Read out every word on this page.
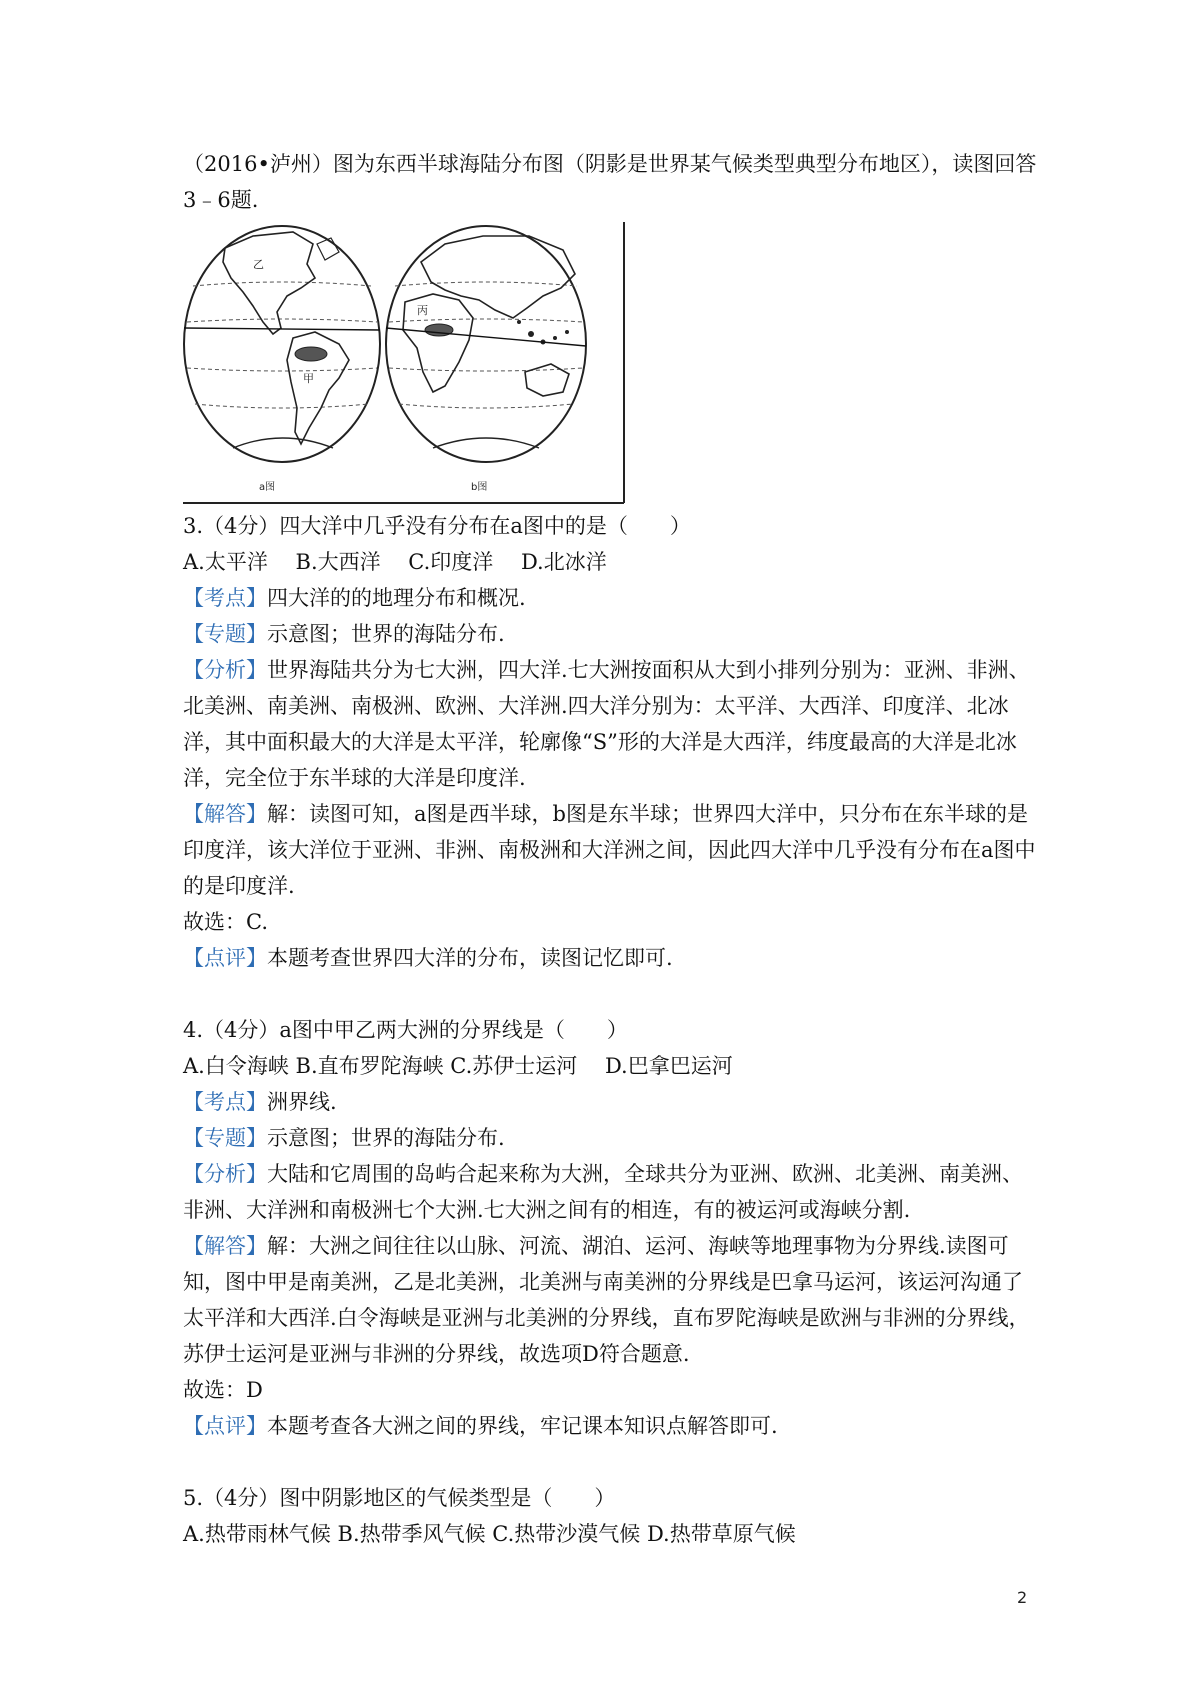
（2016•泸州）图为东西半球海陆分布图（阴影是世界某气候类型典型分布地区），读图回答
3﹣6题.
乙
甲
a图
丙
b图
3.（4分）四大洋中几乎没有分布在a图中的是（　　）
A.太平洋　 B.大西洋　 C.印度洋　 D.北冰洋
【考点】四大洋的的地理分布和概况.
【专题】示意图；世界的海陆分布.
【分析】世界海陆共分为七大洲，四大洋.七大洲按面积从大到小排列分别为：亚洲、非洲、北美洲、南美洲、南极洲、欧洲、大洋洲.四大洋分别为：太平洋、大西洋、印度洋、北冰洋，其中面积最大的大洋是太平洋，轮廓像“S”形的大洋是大西洋，纬度最高的大洋是北冰洋，完全位于东半球的大洋是印度洋.
【解答】解：读图可知，a图是西半球，b图是东半球；世界四大洋中，只分布在东半球的是印度洋，该大洋位于亚洲、非洲、南极洲和大洋洲之间，因此四大洋中几乎没有分布在a图中的是印度洋.
故选：C.
【点评】本题考查世界四大洋的分布，读图记忆即可.
4.（4分）a图中甲乙两大洲的分界线是（　　）
A.白令海峡 B.直布罗陀海峡 C.苏伊士运河　 D.巴拿巴运河
【考点】洲界线.
【专题】示意图；世界的海陆分布.
【分析】大陆和它周围的岛屿合起来称为大洲，全球共分为亚洲、欧洲、北美洲、南美洲、非洲、大洋洲和南极洲七个大洲.七大洲之间有的相连，有的被运河或海峡分割.
【解答】解：大洲之间往往以山脉、河流、湖泊、运河、海峡等地理事物为分界线.读图可知，图中甲是南美洲，乙是北美洲，北美洲与南美洲的分界线是巴拿马运河，该运河沟通了太平洋和大西洋.白令海峡是亚洲与北美洲的分界线，直布罗陀海峡是欧洲与非洲的分界线，苏伊士运河是亚洲与非洲的分界线，故选项D符合题意.
故选：D
【点评】本题考查各大洲之间的界线，牢记课本知识点解答即可.
5.（4分）图中阴影地区的气候类型是（　　）
A.热带雨林气候 B.热带季风气候 C.热带沙漠气候 D.热带草原气候
2
